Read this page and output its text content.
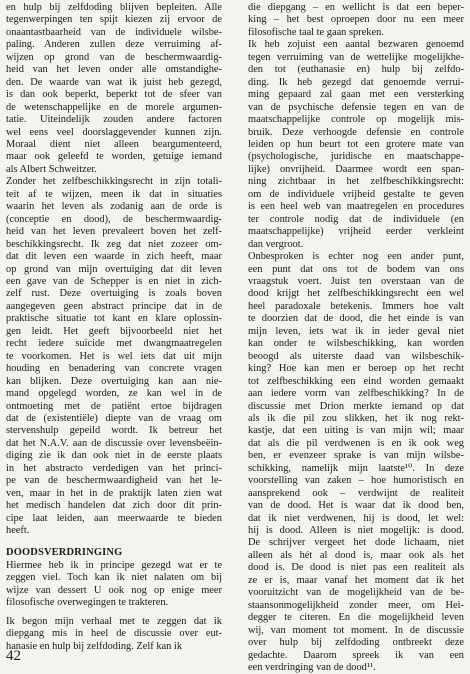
en hulp bij zelfdoding blijven bepleiten. Alle
tegenwerpingen ten spijt kiezen zij ervoor de
onaantastbaarheid van de individuele wilsbe-
paling. Anderen zullen deze verruiming af-
wijzen op grond van de beschermwaardig-
heid van het leven onder alle omstandighe-
den. De waarde van wat ik juist heb gezegd,
is dan ook beperkt, beperkt tot de sfeer van
de wetenschappelijke en de morele argumen-
tatie. Uiteindelijk zouden andere factoren
wel eens veel doorslaggevender kunnen zijn.
Moraal dient niet alleen beargumenteerd,
maar ook geleefd te worden, getuige iemand
als Albert Schweitzer.

Zonder het zelfbeschikkingsrecht in zijn totali-
teit af te wijzen, meen ik dat in situaties
waarin het leven als zodanig aan de orde is
(conceptie en dood), de beschermwaardig-
heid van het leven prevaleert boven het zelf-
beschikkingsrecht. Ik zeg dat niet zozeer om-
dat dit leven een waarde in zich heeft, maar
op grond van mijn overtuiging dat dit leven
een gave van de Schepper is en niet in zich-
zelf rust. Deze overtuiging is zoals boven
aangegeven geen abstract principe dat in de
praktische situatie tot kant en klare oplossin-
gen leidt. Het geeft bijvoorbeeld niet het
recht iedere suïcide met dwangmaatregelen
te voorkomen. Het is wel iets dat uit mijn
houding en benadering van concrete vragen
kan blijken. Deze overtuiging kan aan nie-
mand opgelegd worden, ze kan wel in de
ontmoeting met de patiënt ertoe bijdragen
dat de (existentiële) diepte van de vraag om
stervenshulp gepeild wordt. Ik betreur het
dat het N.A.V. aan de discussie over levensbeëin-
diging zie ik dan ook niet in de eerste plaats
in het abstracto verdedigen van het princi-
pe van de beschermwaardigheid van het le-
ven, maar in het in de praktijk laten zien wat
het medisch handelen dat zich door dit prin-
cipe laat leiden, aan meerwaarde te bieden
heeft.

DOODSVERDRINGING

Hiermee heb ik in principe gezegd wat er te
zeggen viel. Toch kan ik niet nalaten om bij
wijze van dessert U ook nog op enige meer
filosofische overwegingen te trakteren.

Ik begon mijn verhaal met te zeggen dat ik
diepgang mis in heel de discussie over eut-
hanasie en hulp bij zelfdoding. Zelf kan ik

die diepgang – en wellicht is dat een beper-
king – het best oproepen door nu een meer
filosofische taal te gaan spreken.

Ik heb zojuist een aantal bezwaren genoemd
tegen verruiming van de wettelijke mogelijkhe-
den tot (euthanasie en) hulp bij zelfdo-
ding. Ik heb gezegd dat genoemde verrui-
ming gepaard zal gaan met een versterking
van de psychische defensie tegen en van de
maatschappelijke controle op mogelijk mis-
bruik. Deze verhoogde defensie en controle
leiden op hun beurt tot een grotere mate van
(psychologische, juridische en maatschappe-
lijke) onvrijheid. Daarmee wordt een span-
ning zichtbaar in het zelfbeschikkingsrecht:
om de individuele vrijheid gestalte te geven
is een heel web van maatregelen en procedures
ter controle nodig dat de individuele (en
maatschappelijke) vrijheid eerder verkleint
dan vergroot.

Onbesproken is echter nog een ander punt,
een punt dat ons tot de bodem van ons
vraagstuk voert. Juist ten overstaan van de
dood krijgt het zelfbeschikkingsrecht een wel
heel paradoxale betekenis. Immers hoe valt
te doorzien dat de dood, die het einde is van
mijn leven, iets wat ik in ieder geval niet
kan onder te wilsbeschikking, kan worden
beoogd als uiterste daad van wilsbeschik-
king? Hoe kan men er beroep op het recht
tot zelfbeschikking een eind worden gemaakt
aan iedere vorm van zelfbeschikking? In de
discussie met Drion merkte iemand op dat
als ik die pil zou slikken, het ik nog rekt-
kastje, dat een uiting is van mijn wil; maar
dat als die pil verdwenen is en ik ook weg
ben, er evenzeer sprake is van mijn wilsbe-
schikking, namelijk mijn laatste¹⁰. In deze
voorstelling van zaken – hoe humoristisch en
aansprekend ook – verdwijnt de realiteit
van de dood. Het is waar dat ik dood ben,
dat ik niet verdwenen, hij is dood, let wel:
hij is dood. Alleen is niet mogelijk: is dood.
De schrijver vergeet het dode lichaam, niet
alleen als hét al dood is, maar ook als het
dood is. De dood is niet pas een realiteit als
ze er is, maar vanaf het moment dat ik het
vooruitzicht van de mogelijkheid van de be-
staansonmogelijkheid zonder meer, om Hei-
degger te citeren. En die mogelijkheid leven
wij, van moment tot moment. In de discussie
over hulp bij zelfdoding ontbreekt deze
gedachte. Daarom spreek ik van een
een verdringing van de dood¹¹.

42
